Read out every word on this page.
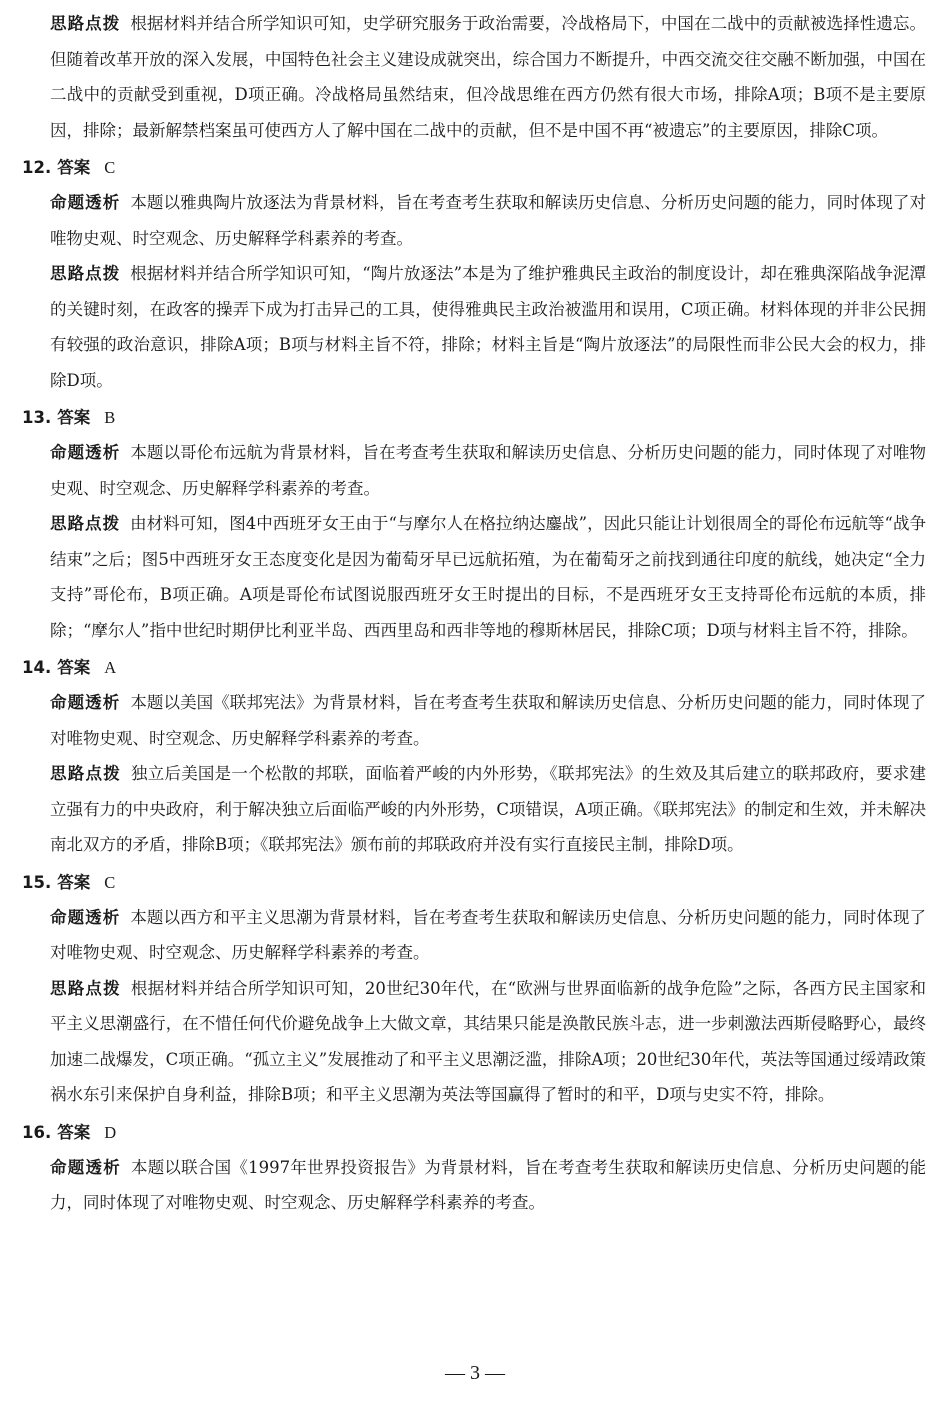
思路点拨 根据材料并结合所学知识可知，史学研究服务于政治需要，冷战格局下，中国在二战中的贡献被选择性遗忘。但随着改革开放的深入发展，中国特色社会主义建设成就突出，综合国力不断提升，中西交流交往交融不断加强，中国在二战中的贡献受到重视，D项正确。冷战格局虽然结束，但冷战思维在西方仍然有很大市场，排除A项；B项不是主要原因，排除；最新解禁档案虽可使西方人了解中国在二战中的贡献，但不是中国不再“被遗忘”的主要原因，排除C项。

12. 答案 C

命题透析 本题以雅典陶片放逐法为背景材料，旨在考查考生获取和解读历史信息、分析历史问题的能力，同时体现了对唯物史观、时空观念、历史解释学科素养的考查。

思路点拨 根据材料并结合所学知识可知，“陶片放逐法”本是为了维护雅典民主政治的制度设计，却在雅典深陷战争泥潭的关键时刻，在政客的操弄下成为打击异己的工具，使得雅典民主政治被滥用和误用，C项正确。材料体现的并非公民拥有较强的政治意识，排除A项；B项与材料主旨不符，排除；材料主旨是“陶片放逐法”的局限性而非公民大会的权力，排除D项。

13. 答案 B

命题透析 本题以哥伦布远航为背景材料，旨在考查考生获取和解读历史信息、分析历史问题的能力，同时体现了对唯物史观、时空观念、历史解释学科素养的考查。

思路点拨 由材料可知，图4中西班牙女王由于“与摩尔人在格拉纳达鏖战”，因此只能让计划很周全的哥伦布远航等“战争结束”之后；图5中西班牙女王态度变化是因为葡萄牙早已远航拓殖，为在葡萄牙之前找到通往印度的航线，她决定“全力支持”哥伦布，B项正确。A项是哥伦布试图说服西班牙女王时提出的目标，不是西班牙女王支持哥伦布远航的本质，排除；“摩尔人”指中世纪时期伊比利亚半岛、西西里岛和西非等地的穆斯林居民，排除C项；D项与材料主旨不符，排除。

14. 答案 A

命题透析 本题以美国《联邦宪法》为背景材料，旨在考查考生获取和解读历史信息、分析历史问题的能力，同时体现了对唯物史观、时空观念、历史解释学科素养的考查。

思路点拨 独立后美国是一个松散的邦联，面临着严峻的内外形势，《联邦宪法》的生效及其后建立的联邦政府，要求建立强有力的中央政府，利于解决独立后面临严峻的内外形势，C项错误，A项正确。《联邦宪法》的制定和生效，并未解决南北双方的矛盾，排除B项；《联邦宪法》颁布前的邦联政府并没有实行直接民主制，排除D项。

15. 答案 C

命题透析 本题以西方和平主义思潮为背景材料，旨在考查考生获取和解读历史信息、分析历史问题的能力，同时体现了对唯物史观、时空观念、历史解释学科素养的考查。

思路点拨 根据材料并结合所学知识可知，20世纪30年代，在“欧洲与世界面临新的战争危险”之际，各西方民主国家和平主义思潮盛行，在不惜任何代价避免战争上大做文章，其结果只能是涣散民族斗志，进一步刺激法西斯侵略野心，最终加速二战爆发，C项正确。“孤立主义”发展推动了和平主义思潮泛滥，排除A项；20世纪30年代，英法等国通过绥靖政策祸水东引来保护自身利益，排除B项；和平主义思潮为英法等国赢得了暂时的和平，D项与史实不符，排除。

16. 答案 D

命题透析 本题以联合国《1997年世界投资报告》为背景材料，旨在考查考生获取和解读历史信息、分析历史问题的能力，同时体现了对唯物史观、时空观念、历史解释学科素养的考查。

— 3 —
